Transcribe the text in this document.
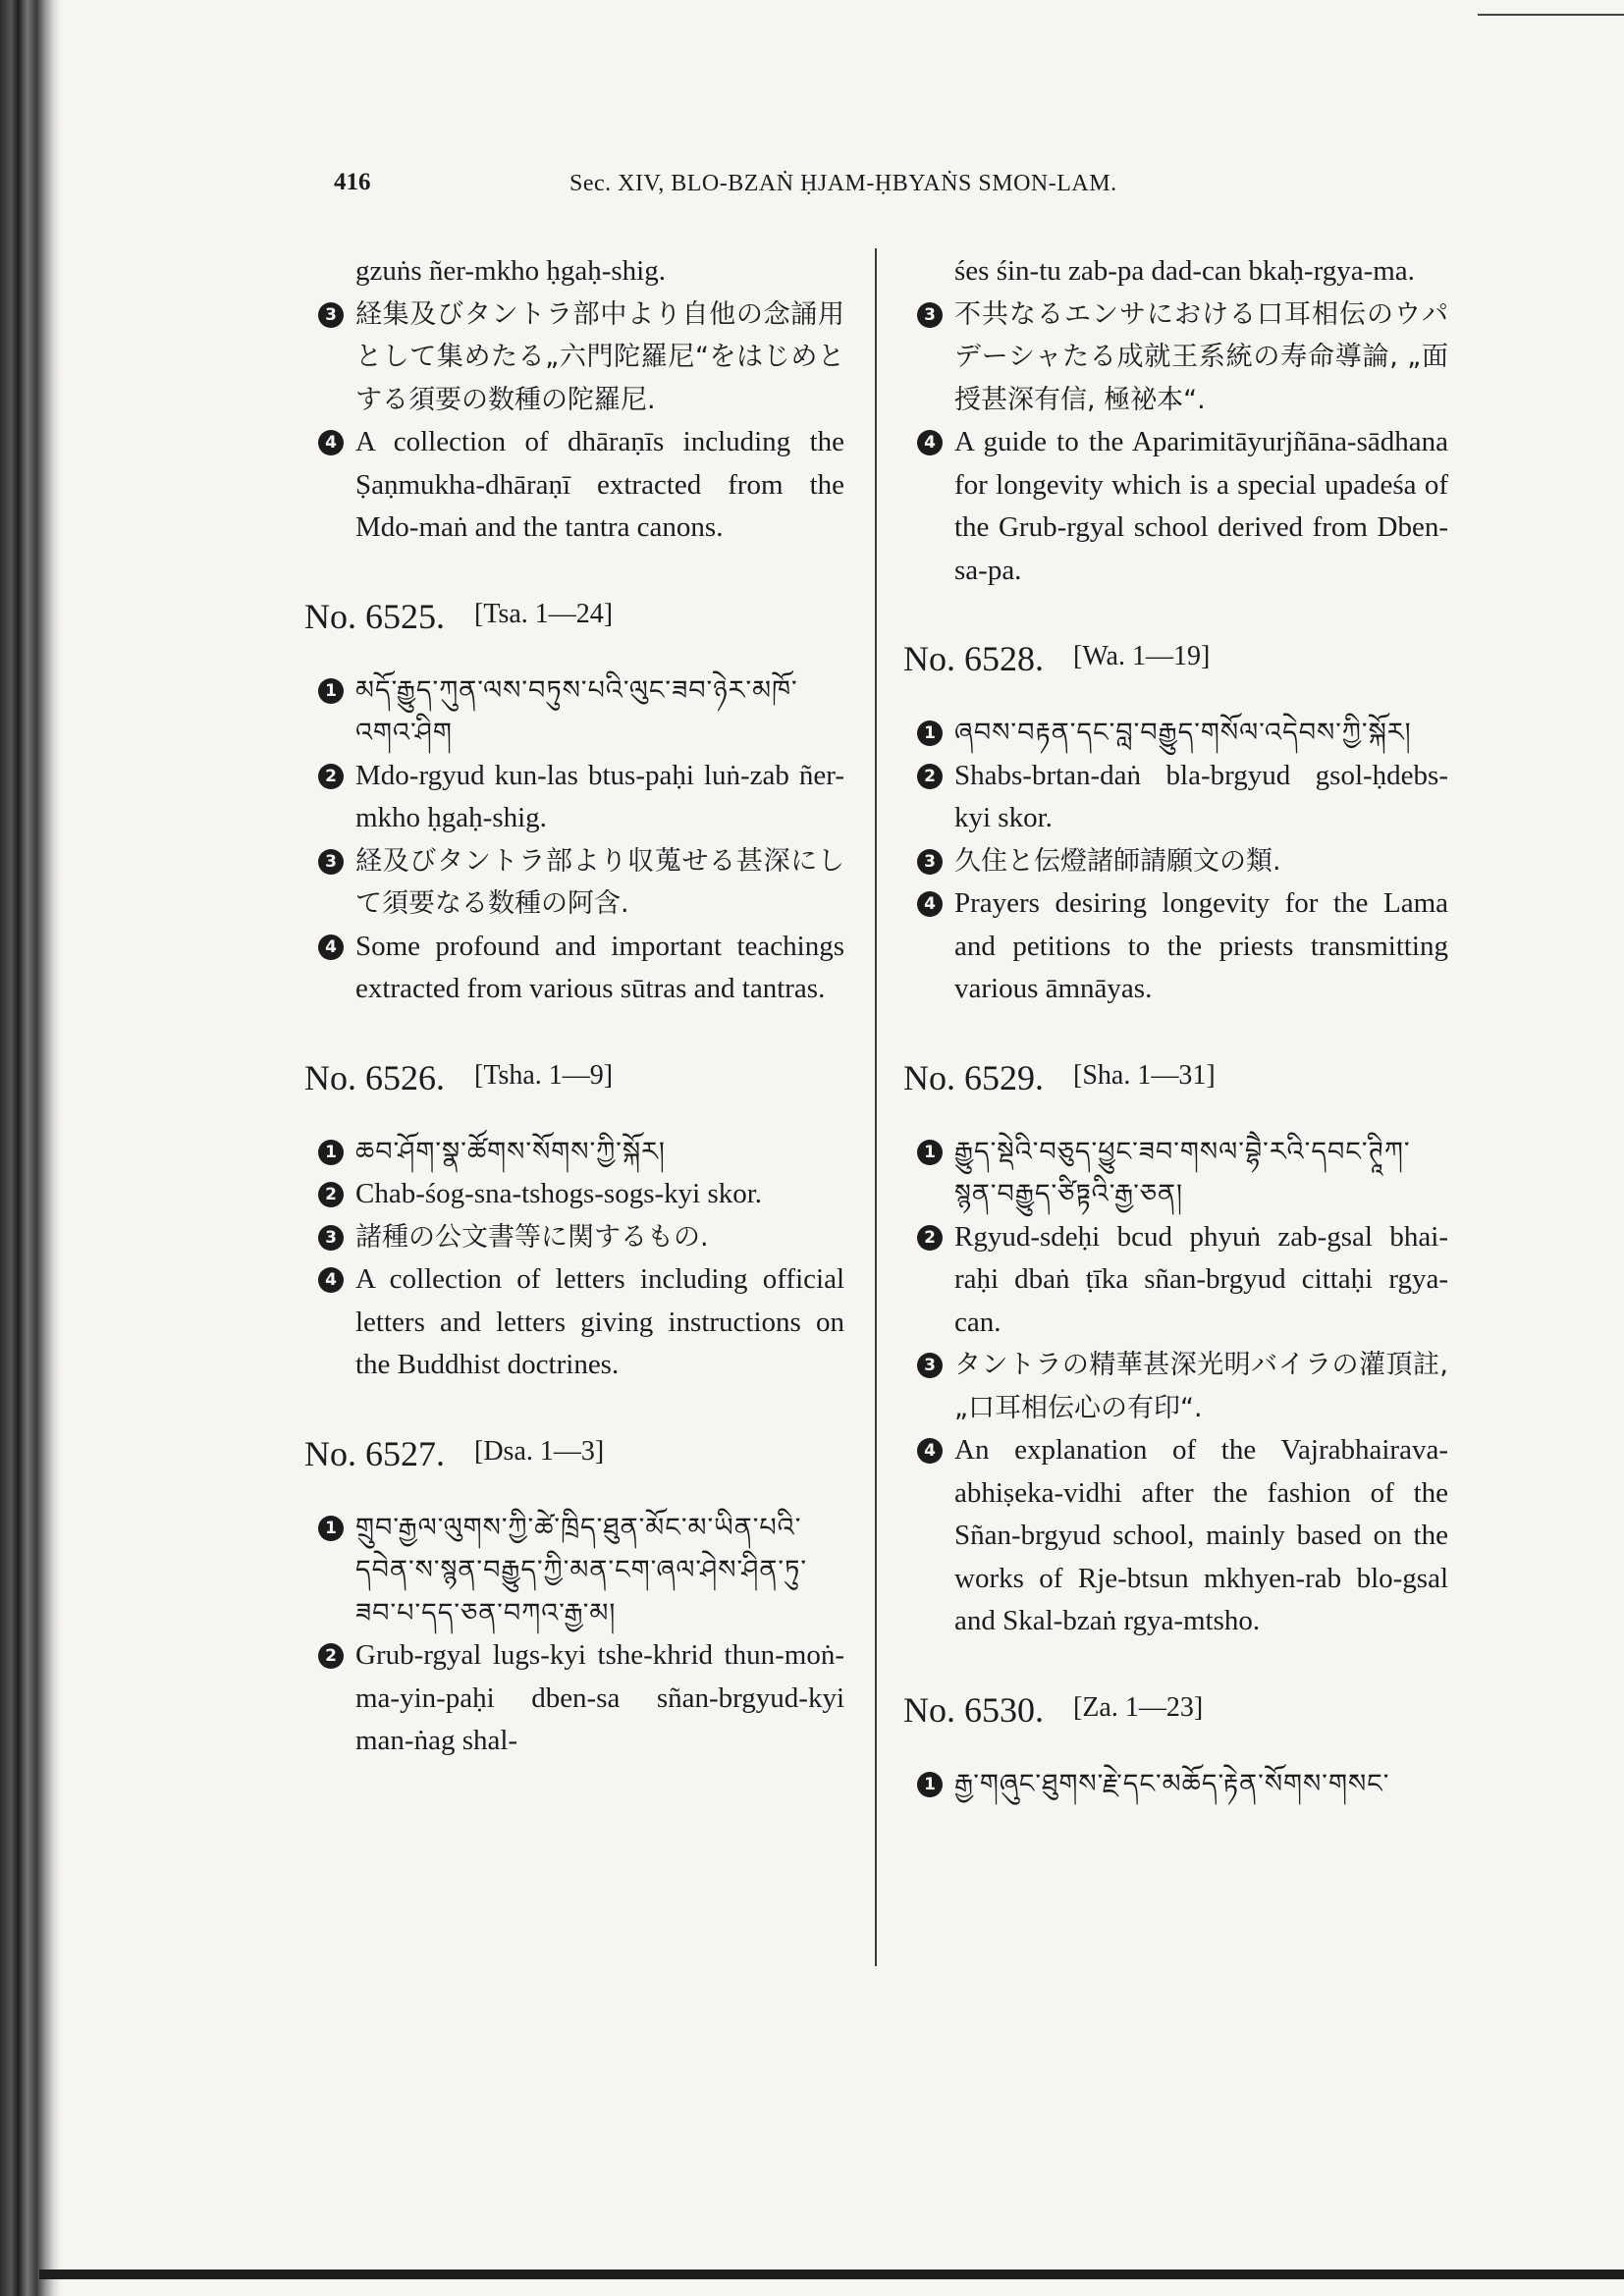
416	Sec. XIV, BLO-BZAṄ ḤJAM-ḤBYAṄS SMON-LAM.
gzuṅs ñer-mkho ḥgaḥ-shig.
3 経集及びタントラ部中より自他の念誦用として集めたる„六門陀羅尼“をはじめとする須要の数種の陀羅尼.
4 A collection of dhāraṇīs including the Ṣaṇmukha-dhāraṇī extracted from the Mdo-maṅ and the tantra canons.
No. 6525. [Tsa. 1—24]
1 མདོ་རྒྱུད་ཀུན་ལས་བཏུས་པའི་ལུང་ཟབ་ཉེར་མཁོ་འགའ་ཤིག
2 Mdo-rgyud kun-las btus-paḥi luṅ-zab ñer-mkho ḥgaḥ-shig.
3 経及びタントラ部より収蒐せる甚深にして須要なる数種の阿含.
4 Some profound and important teachings extracted from various sūtras and tantras.
No. 6526. [Tsha. 1—9]
1 ཆབ་ཤོག་སྣ་ཚོགས་སོགས་ཀྱི་སྐོར།
2 Chab-śog-sna-tshogs-sogs-kyi skor.
3 諸種の公文書等に関するもの.
4 A collection of letters including official letters and letters giving instructions on the Buddhist doctrines.
No. 6527. [Dsa. 1—3]
1 གྲུབ་རྒྱལ་ལུགས་ཀྱི་ཚེ་ཁྲིད་ཐུན་མོང་མ་ཡིན་པའི་དབེན་ས་སྙན་བརྒྱུད་ཀྱི་མན་ངག་ཞལ་ཤེས་ཤིན་ཏུ་ཟབ་པ་དད་ཅན་བཀའ་རྒྱ་མ།
2 Grub-rgyal lugs-kyi tshe-khrid thun-moṅ-ma-yin-paḥi dben-sa sñan-brgyud-kyi man-ṅag shal-
śes śin-tu zab-pa dad-can bkaḥ-rgya-ma.
3 不共なるエンサにおける口耳相伝のウパデーシャたる成就王系統の寿命導論, „面授甚深有信, 極祕本“.
4 A guide to the Aparimitāyurjñāna-sādhana for longevity which is a special upadeśa of the Grub-rgyal school derived from Dben-sa-pa.
No. 6528. [Wa. 1—19]
1 ཞབས་བརྟན་དང་བླ་བརྒྱུད་གསོལ་འདེབས་ཀྱི་སྐོར།
2 Shabs-brtan-daṅ bla-brgyud gsol-ḥdebs-kyi skor.
3 久住と伝燈諸師請願文の類.
4 Prayers desiring longevity for the Lama and petitions to the priests transmitting various āmnāyas.
No. 6529. [Sha. 1—31]
1 རྒྱུད་སྡེའི་བཅུད་ཕྱུང་ཟབ་གསལ་བྷཻ་རའི་དབང་ཊཱིཀ་སྙན་བརྒྱུད་ཙིཏྟའི་རྒྱ་ཅན།
2 Rgyud-sdeḥi bcud phyuṅ zab-gsal bhai-raḥi dbaṅ ṭīka sñan-brgyud cittaḥi rgya-can.
3 タントラの精華甚深光明バイラの灌頂註, „口耳相伝心の有印“.
4 An explanation of the Vajrabhairava-abhiṣeka-vidhi after the fashion of the Sñan-brgyud school, mainly based on the works of Rje-btsun mkhyen-rab blo-gsal and Skal-bzaṅ rgya-mtsho.
No. 6530. [Za. 1—23]
1 རྒྱ་གཞུང་ཐུགས་རྗེ་དང་མཆོད་རྟེན་སོགས་གསང་
